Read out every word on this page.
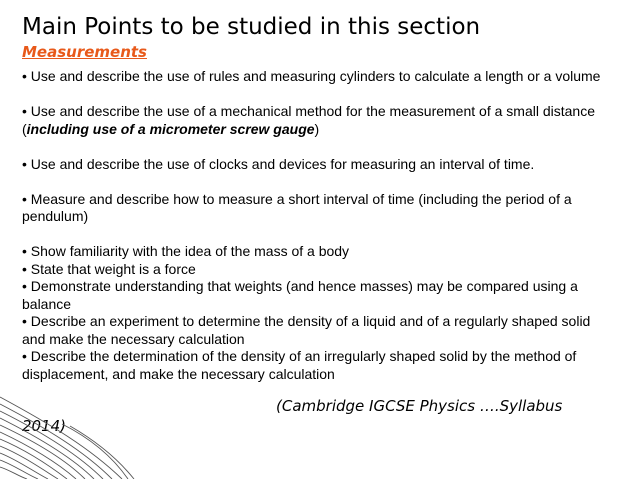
Main Points to be studied in this section
Measurements
• Use and describe the use of rules and measuring cylinders to calculate a length or a volume
• Use and describe the use of a mechanical method for the measurement of a small distance
(including use of a micrometer screw gauge)
• Use and describe the use of clocks and devices for measuring an interval of time.
• Measure and describe how to measure a short interval of time (including the period of a
pendulum)
• Show familiarity with the idea of the mass of a body
• State that weight is a force
• Demonstrate understanding that weights (and hence masses) may be compared using a
balance
• Describe an experiment to determine the density of a liquid and of a regularly shaped solid
and make the necessary calculation
• Describe the determination of the density of an irregularly shaped solid by the method of
displacement, and make the necessary calculation
(Cambridge IGCSE Physics ….Syllabus
2014)
